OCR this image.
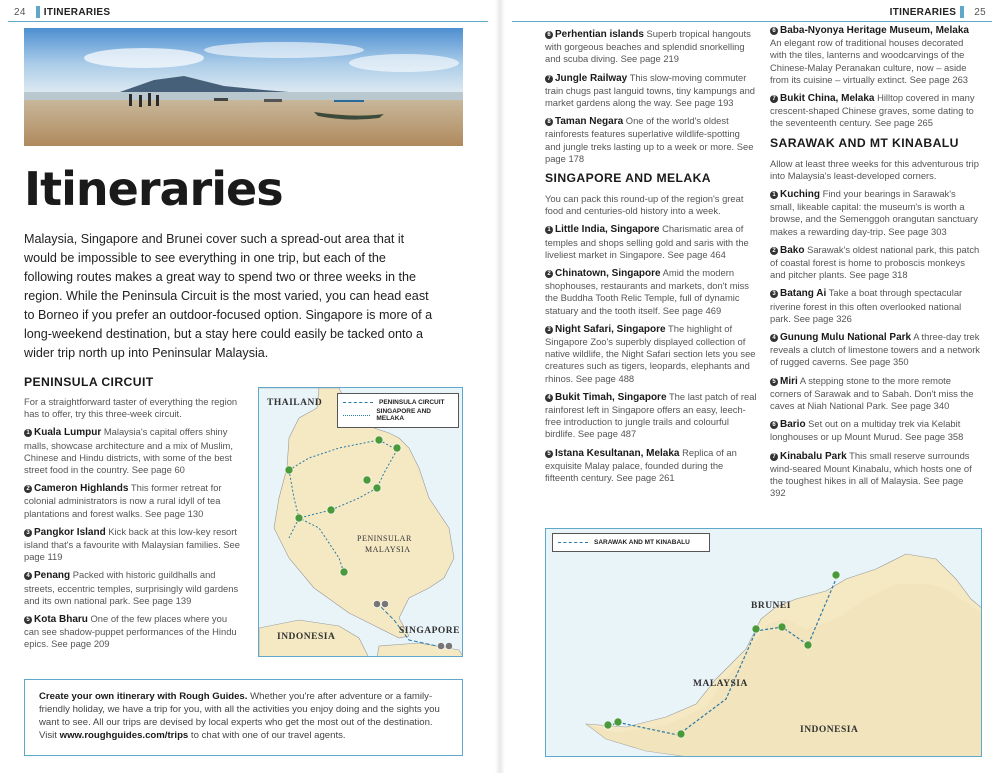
24 ITINERARIES	ITINERARIES 25
Itineraries
Malaysia, Singapore and Brunei cover such a spread-out area that it would be impossible to see everything in one trip, but each of the following routes makes a great way to spend two or three weeks in the region. While the Peninsula Circuit is the most varied, you can head east to Borneo if you prefer an outdoor-focused option. Singapore is more of a long-weekend destination, but a stay here could easily be tacked onto a wider trip north up into Peninsular Malaysia.
PENINSULA CIRCUIT
For a straightforward taster of everything the region has to offer, try this three-week circuit.
1 Kuala Lumpur Malaysia's capital offers shiny malls, showcase architecture and a mix of Muslim, Chinese and Hindu districts, with some of the best street food in the country. See page 60
2 Cameron Highlands This former retreat for colonial administrators is now a rural idyll of tea plantations and forest walks. See page 130
3 Pangkor Island Kick back at this low-key resort island that's a favourite with Malaysian families. See page 119
4 Penang Packed with historic guildhalls and streets, eccentric temples, surprisingly wild gardens and its own national park. See page 139
5 Kota Bharu One of the few places where you can see shadow-puppet performances of the Hindu epics. See page 209
THAILAND
PENINSULAR
MALAYSIA
INDONESIA
SINGAPORE
PENINSULA CIRCUIT
SINGAPORE AND MELAKA
Create your own itinerary with Rough Guides. Whether you're after adventure or a family-friendly holiday, we have a trip for you, with all the activities you enjoy doing and the sights you want to see. All our trips are devised by local experts who get the most out of the destination. Visit www.roughguides.com/trips to chat with one of our travel agents.
6 Perhentian islands Superb tropical hangouts with gorgeous beaches and splendid snorkelling and scuba diving. See page 219
7 Jungle Railway This slow-moving commuter train chugs past languid towns, tiny kampungs and market gardens along the way. See page 193
8 Taman Negara One of the world's oldest rainforests features superlative wildlife-spotting and jungle treks lasting up to a week or more. See page 178
SINGAPORE AND MELAKA
You can pack this round-up of the region's great food and centuries-old history into a week.
1 Little India, Singapore Charismatic area of temples and shops selling gold and saris with the liveliest market in Singapore. See page 464
2 Chinatown, Singapore Amid the modern shophouses, restaurants and markets, don't miss the Buddha Tooth Relic Temple, full of dynamic statuary and the tooth itself. See page 469
3 Night Safari, Singapore The highlight of Singapore Zoo's superbly displayed collection of native wildlife, the Night Safari section lets you see creatures such as tigers, leopards, elephants and rhinos. See page 488
4 Bukit Timah, Singapore The last patch of real rainforest left in Singapore offers an easy, leech-free introduction to jungle trails and colourful birdlife. See page 487
5 Istana Kesultanan, Melaka Replica of an exquisite Malay palace, founded during the fifteenth century. See page 261
6 Baba-Nyonya Heritage Museum, Melaka An elegant row of traditional houses decorated with the tiles, lanterns and woodcarvings of the Chinese-Malay Peranakan culture, now – aside from its cuisine – virtually extinct. See page 263
7 Bukit China, Melaka Hilltop covered in many crescent-shaped Chinese graves, some dating to the seventeenth century. See page 265
SARAWAK AND MT KINABALU
Allow at least three weeks for this adventurous trip into Malaysia's least-developed corners.
1 Kuching Find your bearings in Sarawak's small, likeable capital: the museum's is worth a browse, and the Semenggoh orangutan sanctuary makes a rewarding day-trip. See page 303
2 Bako Sarawak's oldest national park, this patch of coastal forest is home to proboscis monkeys and pitcher plants. See page 318
3 Batang Ai Take a boat through spectacular riverine forest in this often overlooked national park. See page 326
4 Gunung Mulu National Park A three-day trek reveals a clutch of limestone towers and a network of rugged caverns. See page 350
5 Miri A stepping stone to the more remote corners of Sarawak and to Sabah. Don't miss the caves at Niah National Park. See page 340
6 Bario Set out on a multiday trek via Kelabit longhouses or up Mount Murud. See page 358
7 Kinabalu Park This small reserve surrounds wind-seared Mount Kinabalu, which hosts one of the toughest hikes in all of Malaysia. See page 392
BRUNEI
MALAYSIA
INDONESIA
SARAWAK AND MT KINABALU
